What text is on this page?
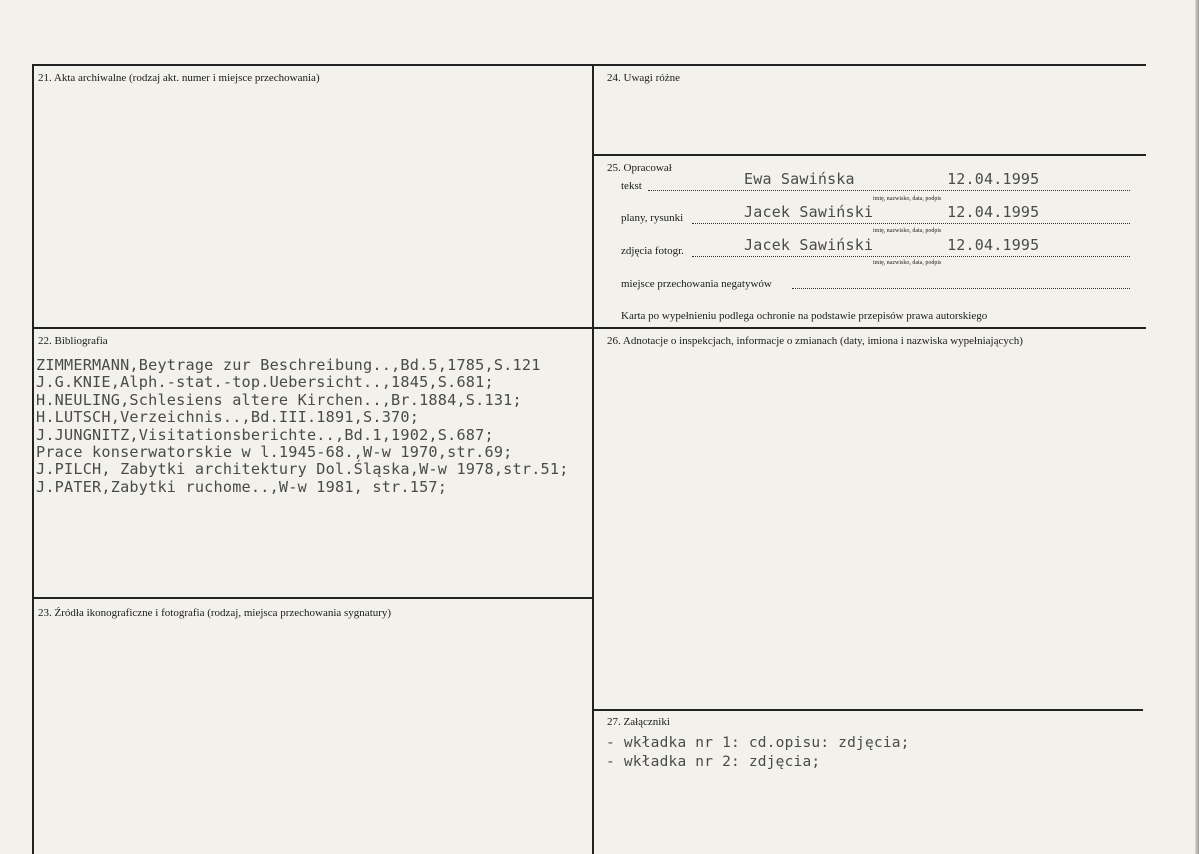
21. Akta archiwalne (rodzaj akt. numer i miejsce przechowania)	24. Uwagi różne
25. Opracował
tekst	Ewa Sawińska          12.04.1995
imię, nazwisko, data, podpis
plany, rysunki	Jacek Sawiński        12.04.1995
imię, nazwisko, data, podpis
zdjęcia fotogr.	Jacek Sawiński        12.04.1995
imię, nazwisko, data, podpis
miejsce przechowania negatywów
Karta po wypełnieniu podlega ochronie na podstawie przepisów prawa autorskiego
22. Bibliografia
ZIMMERMANN,Beytrage zur Beschreibung..,Bd.5,1785,S.121
J.G.KNIE,Alph.-stat.-top.Uebersicht..,1845,S.681;
H.NEULING,Schlesiens altere Kirchen..,Br.1884,S.131;
H.LUTSCH,Verzeichnis..,Bd.III.1891,S.370;
J.JUNGNITZ,Visitationsberichte..,Bd.1,1902,S.687;
Prace konserwatorskie w l.1945-68.,W-w 1970,str.69;
J.PILCH, Zabytki architektury Dol.Śląska,W-w 1978,str.51;
J.PATER,Zabytki ruchome..,W-w 1981, str.157;
26. Adnotacje o inspekcjach, informacje o zmianach (daty, imiona i nazwiska wypełniających)
23. Źródła ikonograficzne i fotografia (rodzaj, miejsca przechowania sygnatury)
27. Załączniki
- wkładka nr 1: cd.opisu: zdjęcia;
- wkładka nr 2: zdjęcia;
